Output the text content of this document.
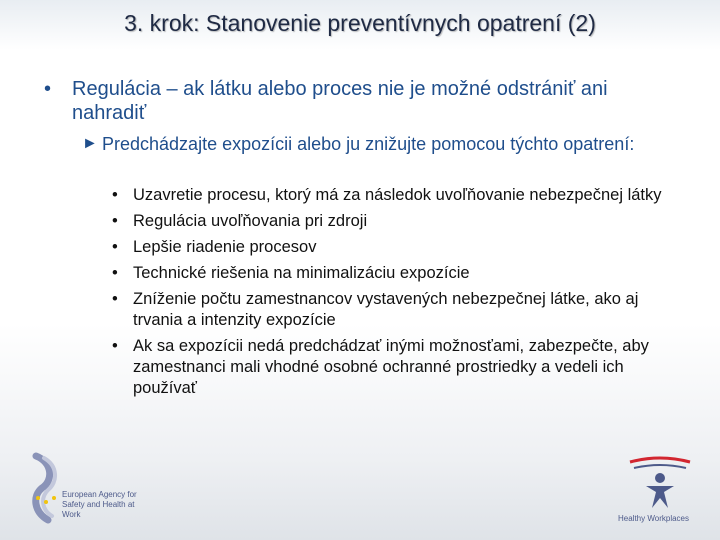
3. krok: Stanovenie preventívnych opatrení (2)
• Regulácia – ak látku alebo proces nie je možné odstrániť ani nahradiť
► Predchádzajte expozícii alebo ju znižujte pomocou týchto opatrení:
• Uzavretie procesu, ktorý má za následok uvoľňovanie nebezpečnej látky
• Regulácia uvoľňovania pri zdroji
• Lepšie riadenie procesov
• Technické riešenia na minimalizáciu expozície
• Zníženie počtu zamestnancov vystavených nebezpečnej látke, ako aj trvania a intenzity expozície
• Ak sa expozícii nedá predchádzať inými možnosťami, zabezpečte, aby zamestnanci mali vhodné osobné ochranné prostriedky a vedeli ich používať
European Agency for Safety and Health at Work	Healthy Workplaces
